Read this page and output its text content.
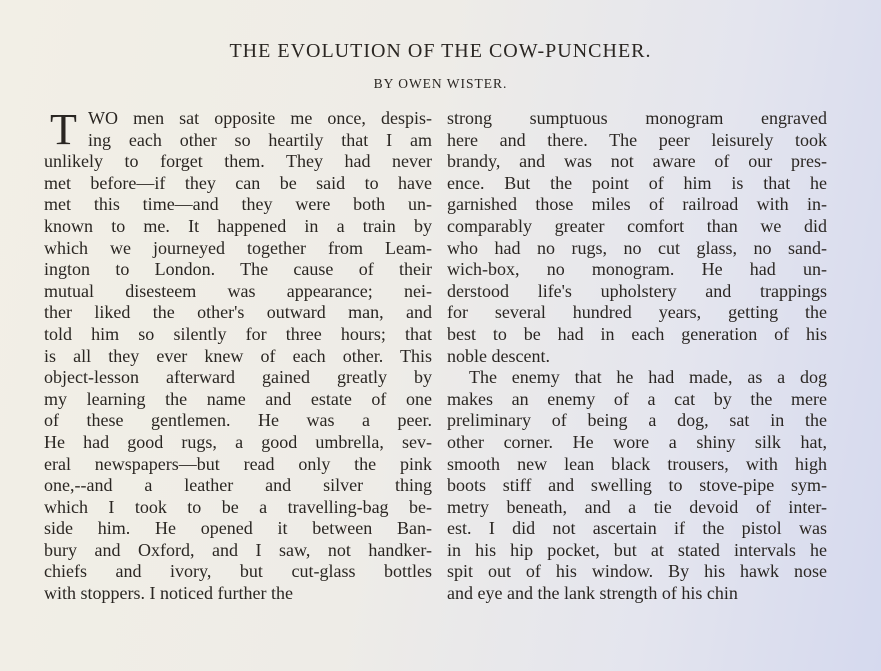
THE EVOLUTION OF THE COW-PUNCHER.
BY OWEN WISTER.
T WO men sat opposite me once, despis-
ing each other so heartily that I am
unlikely to forget them. They had never
met before—if they can be said to have
met this time—and they were both un-
known to me. It happened in a train by
which we journeyed together from Leam-
ington to London. The cause of their
mutual disesteem was appearance; nei-
ther liked the other's outward man, and
told him so silently for three hours; that
is all they ever knew of each other. This
object-lesson afterward gained greatly by
my learning the name and estate of one
of these gentlemen. He was a peer.
He had good rugs, a good umbrella, sev-
eral newspapers—but read only the pink
one,--and a leather and silver thing
which I took to be a travelling-bag be-
side him. He opened it between Ban-
bury and Oxford, and I saw, not handker-
chiefs and ivory, but cut-glass bottles
with stoppers. I noticed further the
strong sumptuous monogram engraved
here and there. The peer leisurely took
brandy, and was not aware of our pres-
ence. But the point of him is that he
garnished those miles of railroad with in-
comparably greater comfort than we did
who had no rugs, no cut glass, no sand-
wich-box, no monogram. He had un-
derstood life's upholstery and trappings
for several hundred years, getting the
best to be had in each generation of his
noble descent.
The enemy that he had made, as a dog
makes an enemy of a cat by the mere
preliminary of being a dog, sat in the
other corner. He wore a shiny silk hat,
smooth new lean black trousers, with high
boots stiff and swelling to stove-pipe sym-
metry beneath, and a tie devoid of inter-
est. I did not ascertain if the pistol was
in his hip pocket, but at stated intervals he
spit out of his window. By his hawk nose
and eye and the lank strength of his chin
